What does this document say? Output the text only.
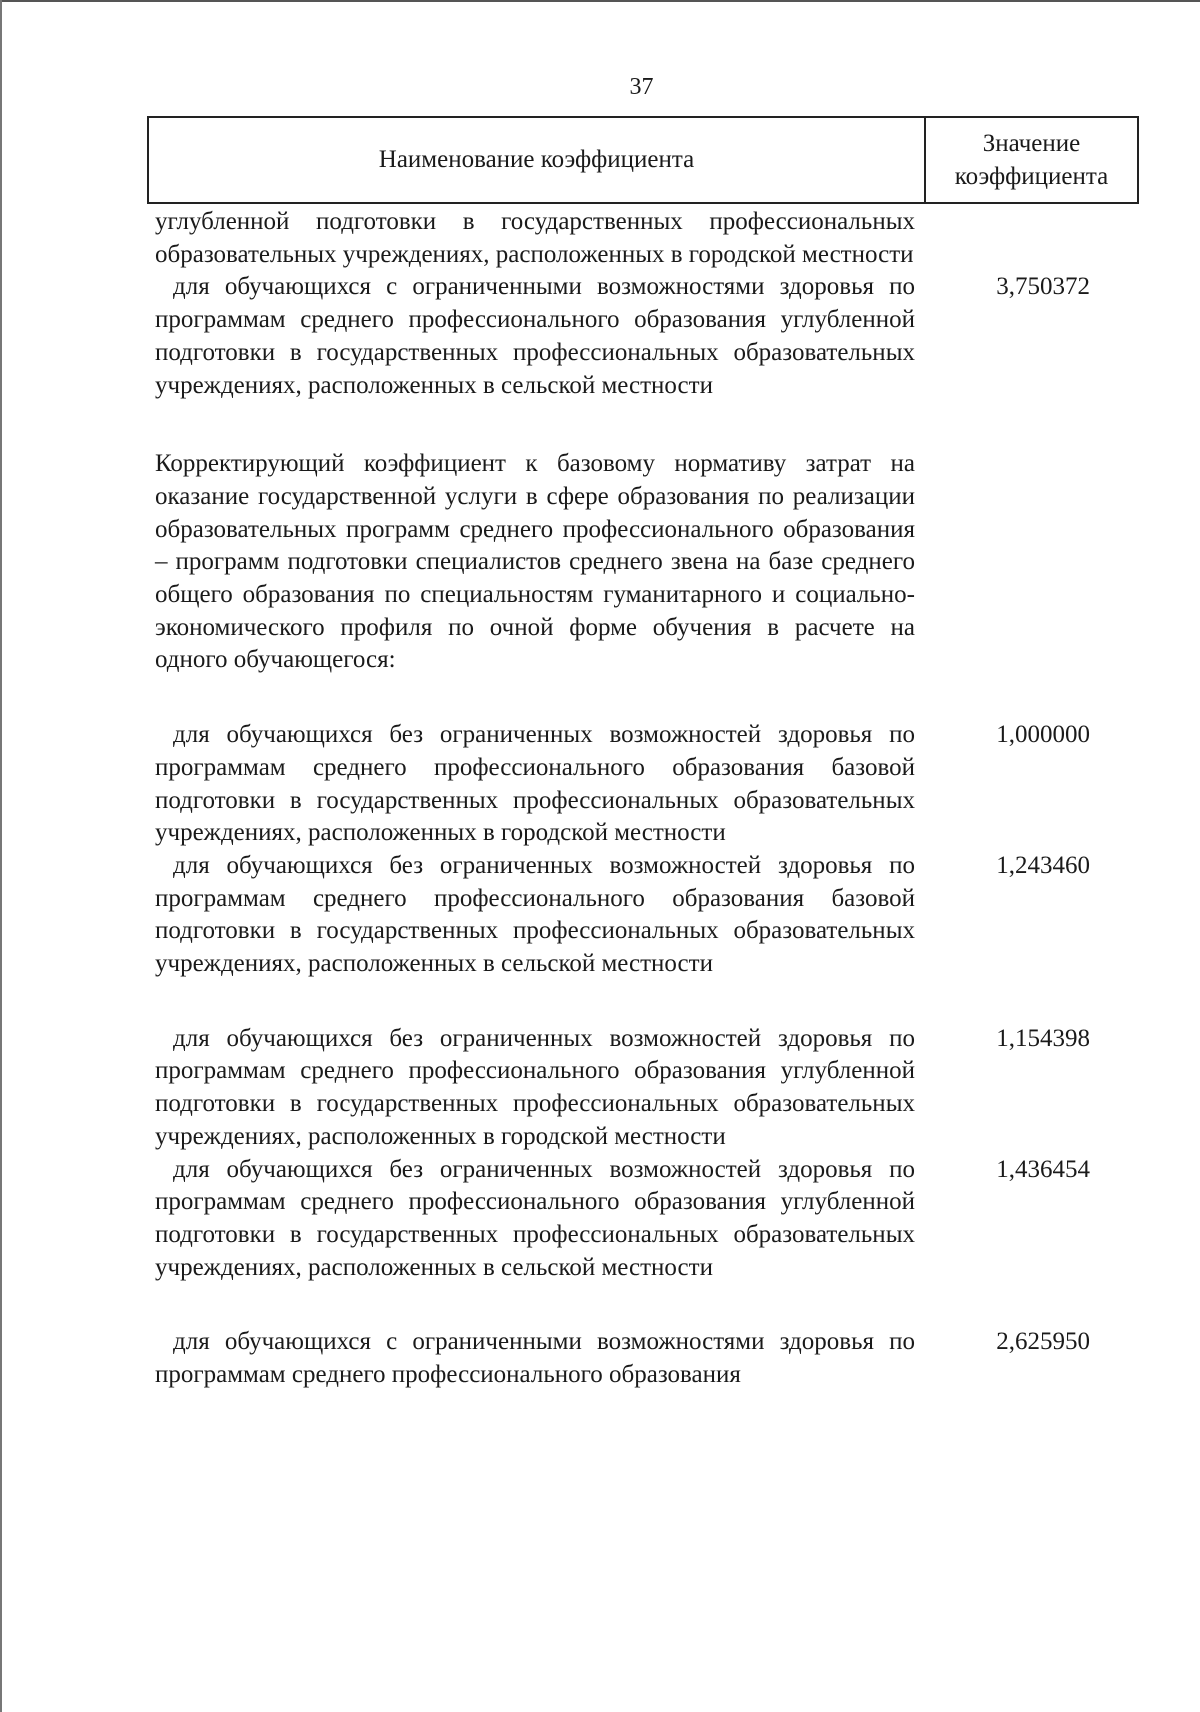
37
Наименование коэффициента
Значение
коэффициента
углубленной подготовки в государственных профессиональных образовательных учреждениях, расположенных в городской местности
для обучающихся с ограниченными возможностями здоровья по программам среднего профессионального образования углубленной подготовки в государственных профессиональных образовательных учреждениях, расположенных в сельской местности
3,750372
Корректирующий коэффициент к базовому нормативу затрат на оказание государственной услуги в сфере образования по реализации образовательных программ среднего профессионального образования – программ подготовки специалистов среднего звена на базе среднего общего образования по специальностям гуманитарного и социально-экономического профиля по очной форме обучения в расчете на одного обучающегося:
для обучающихся без ограниченных возможностей здоровья по программам среднего профессионального образования базовой подготовки в государственных профессиональных образовательных учреждениях, расположенных в городской местности
1,000000
для обучающихся без ограниченных возможностей здоровья по программам среднего профессионального образования базовой подготовки в государственных профессиональных образовательных учреждениях, расположенных в сельской местности
1,243460
для обучающихся без ограниченных возможностей здоровья по программам среднего профессионального образования углубленной подготовки в государственных профессиональных образовательных учреждениях, расположенных в городской местности
1,154398
для обучающихся без ограниченных возможностей здоровья по программам среднего профессионального образования углубленной подготовки в государственных профессиональных образовательных учреждениях, расположенных в сельской местности
1,436454
для обучающихся с ограниченными возможностями здоровья по программам среднего профессионального образования
2,625950
